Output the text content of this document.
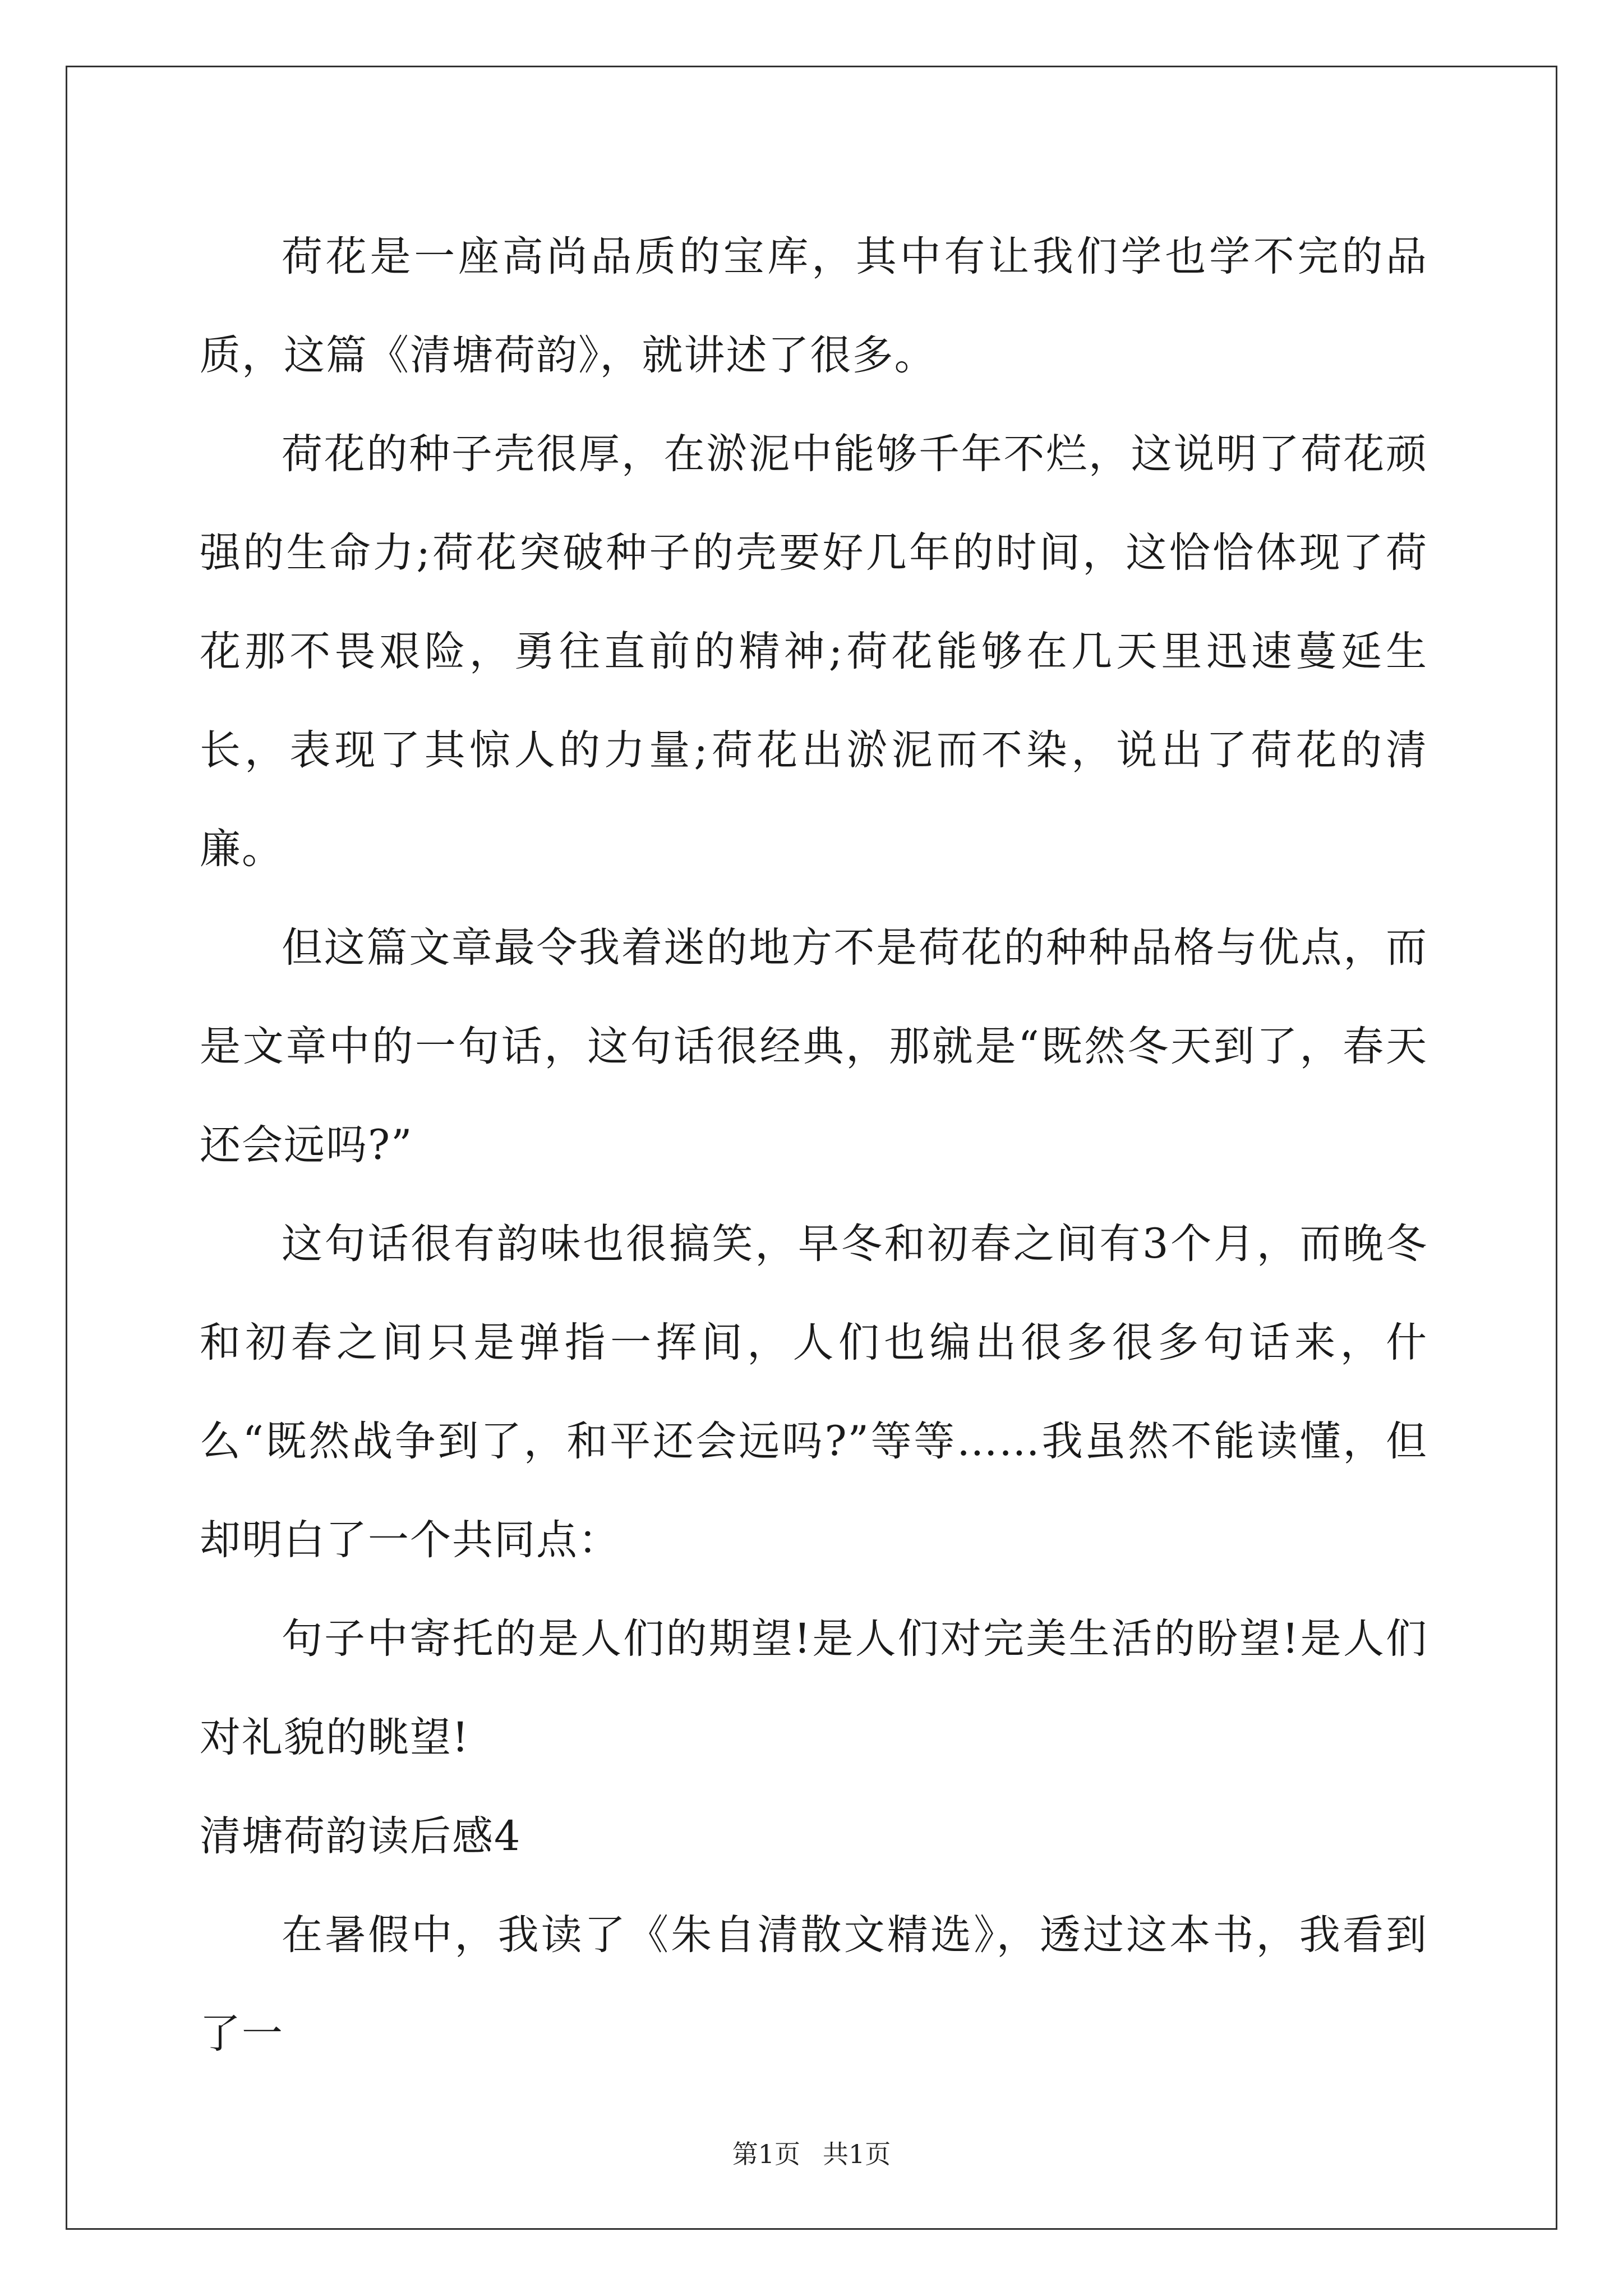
荷花是一座高尚品质的宝库，其中有让我们学也学不完的品质，这篇《清塘荷韵》，就讲述了很多。

荷花的种子壳很厚，在淤泥中能够千年不烂，这说明了荷花顽强的生命力;荷花突破种子的壳要好几年的时间，这恰恰体现了荷花那不畏艰险，勇往直前的精神;荷花能够在几天里迅速蔓延生长，表现了其惊人的力量;荷花出淤泥而不染，说出了荷花的清廉。

但这篇文章最令我着迷的地方不是荷花的种种品格与优点，而是文章中的一句话，这句话很经典，那就是“既然冬天到了，春天还会远吗?”

这句话很有韵味也很搞笑，早冬和初春之间有3个月，而晚冬和初春之间只是弹指一挥间，人们也编出很多很多句话来，什么“既然战争到了，和平还会远吗?”等等……我虽然不能读懂，但却明白了一个共同点：

句子中寄托的是人们的期望!是人们对完美生活的盼望!是人们对礼貌的眺望!

清塘荷韵读后感4

在暑假中，我读了《朱自清散文精选》，透过这本书，我看到了一

第1页 共1页
